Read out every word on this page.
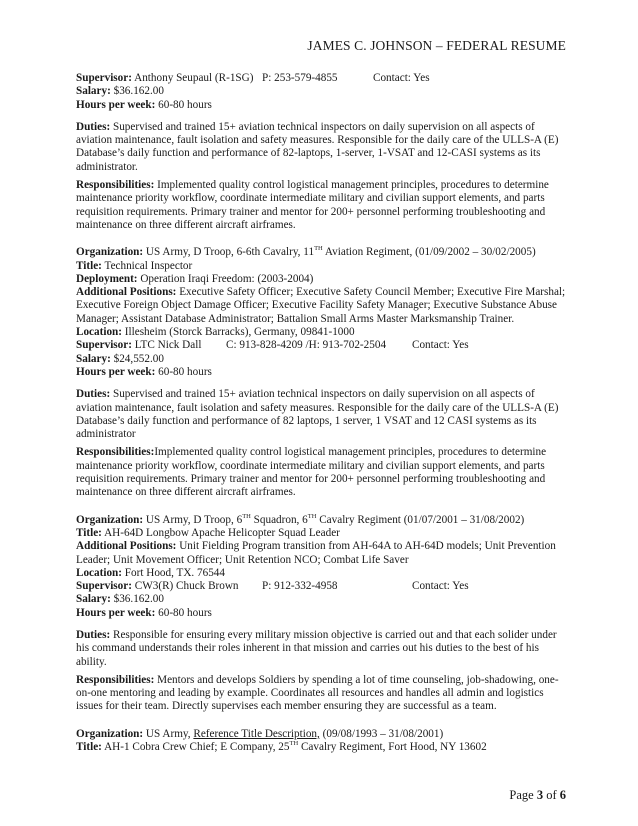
JAMES C. JOHNSON – FEDERAL RESUME
Supervisor: Anthony Seupaul (R-1SG) P: 253-579-4855	Contact: Yes
Salary: $36.162.00
Hours per week: 60-80 hours
Duties: Supervised and trained 15+ aviation technical inspectors on daily supervision on all aspects of aviation maintenance, fault isolation and safety measures. Responsible for the daily care of the ULLS-A (E) Database’s daily function and performance of 82-laptops, 1-server, 1-VSAT and 12-CASI systems as its administrator.
Responsibilities: Implemented quality control logistical management principles, procedures to determine maintenance priority workflow, coordinate intermediate military and civilian support elements, and parts requisition requirements. Primary trainer and mentor for 200+ personnel performing troubleshooting and maintenance on three different aircraft airframes.
Organization: US Army, D Troop, 6-6th Cavalry, 11TH Aviation Regiment, (01/09/2002 – 30/02/2005)
Title: Technical Inspector
Deployment: Operation Iraqi Freedom: (2003-2004)
Additional Positions: Executive Safety Officer; Executive Safety Council Member; Executive Fire Marshal; Executive Foreign Object Damage Officer; Executive Facility Safety Manager; Executive Substance Abuse Manager; Assistant Database Administrator; Battalion Small Arms Master Marksmanship Trainer.
Location: Illesheim (Storck Barracks), Germany, 09841-1000
Supervisor: LTC Nick Dall C: 913-828-4209 /H: 913-702-2504 Contact: Yes
Salary: $24,552.00
Hours per week: 60-80 hours
Duties: Supervised and trained 15+ aviation technical inspectors on daily supervision on all aspects of aviation maintenance, fault isolation and safety measures. Responsible for the daily care of the ULLS-A (E) Database’s daily function and performance of 82 laptops, 1 server, 1 VSAT and 12 CASI systems as its administrator
Responsibilities:Implemented quality control logistical management principles, procedures to determine maintenance priority workflow, coordinate intermediate military and civilian support elements, and parts requisition requirements. Primary trainer and mentor for 200+ personnel performing troubleshooting and maintenance on three different aircraft airframes.
Organization: US Army, D Troop, 6TH Squadron, 6TH Cavalry Regiment (01/07/2001 – 31/08/2002)
Title: AH-64D Longbow Apache Helicopter Squad Leader
Additional Positions: Unit Fielding Program transition from AH-64A to AH-64D models; Unit Prevention Leader; Unit Movement Officer; Unit Retention NCO; Combat Life Saver
Location: Fort Hood, TX. 76544
Supervisor: CW3(R) Chuck Brown P: 912-332-4958	Contact: Yes
Salary: $36.162.00
Hours per week: 60-80 hours
Duties: Responsible for ensuring every military mission objective is carried out and that each solider under his command understands their roles inherent in that mission and carries out his duties to the best of his ability.
Responsibilities: Mentors and develops Soldiers by spending a lot of time counseling, job-shadowing, one-on-one mentoring and leading by example. Coordinates all resources and handles all admin and logistics issues for their team. Directly supervises each member ensuring they are successful as a team.
Organization: US Army, Reference Title Description, (09/08/1993 – 31/08/2001)
Title: AH-1 Cobra Crew Chief; E Company, 25TH Cavalry Regiment, Fort Hood, NY 13602
Page 3 of 6
